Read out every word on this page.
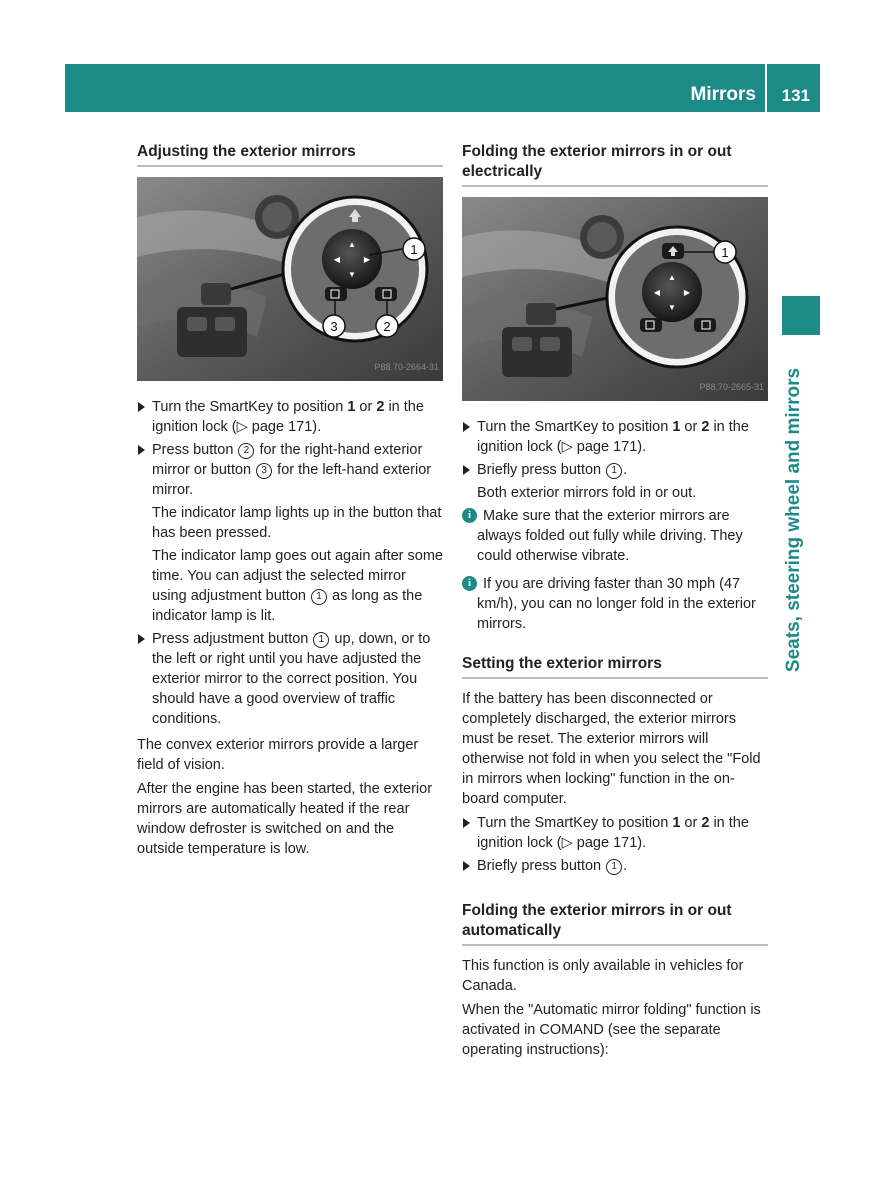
Mirrors 131
Seats, steering wheel and mirrors
Adjusting the exterior mirrors
▲
▼
◀	▶
1
3	2
P88.70-2664-31
Turn the SmartKey to position 1 or 2 in the ignition lock (▷ page 171).
Press button 2 for the right-hand exterior mirror or button 3 for the left-hand exterior mirror.
The indicator lamp lights up in the button that has been pressed.
The indicator lamp goes out again after some time. You can adjust the selected mirror using adjustment button 1 as long as the indicator lamp is lit.
Press adjustment button 1 up, down, or to the left or right until you have adjusted the exterior mirror to the correct position. You should have a good overview of traffic conditions.

The convex exterior mirrors provide a larger field of vision.

After the engine has been started, the exterior mirrors are automatically heated if the rear window defroster is switched on and the outside temperature is low.

Folding the exterior mirrors in or out electrically
▲
▼
◀	▶
1
P88.70-2665-31
Turn the SmartKey to position 1 or 2 in the ignition lock (▷ page 171).
Briefly press button 1 .
Both exterior mirrors fold in or out.
i Make sure that the exterior mirrors are always folded out fully while driving. They could otherwise vibrate.
i If you are driving faster than 30 mph (47 km/h), you can no longer fold in the exterior mirrors.
Setting the exterior mirrors

If the battery has been disconnected or completely discharged, the exterior mirrors must be reset. The exterior mirrors will otherwise not fold in when you select the "Fold in mirrors when locking" function in the on-board computer.

Turn the SmartKey to position 1 or 2 in the ignition lock (▷ page 171).
Briefly press button 1 .
Folding the exterior mirrors in or out automatically

This function is only available in vehicles for Canada.

When the "Automatic mirror folding" function is activated in COMAND (see the separate operating instructions):
